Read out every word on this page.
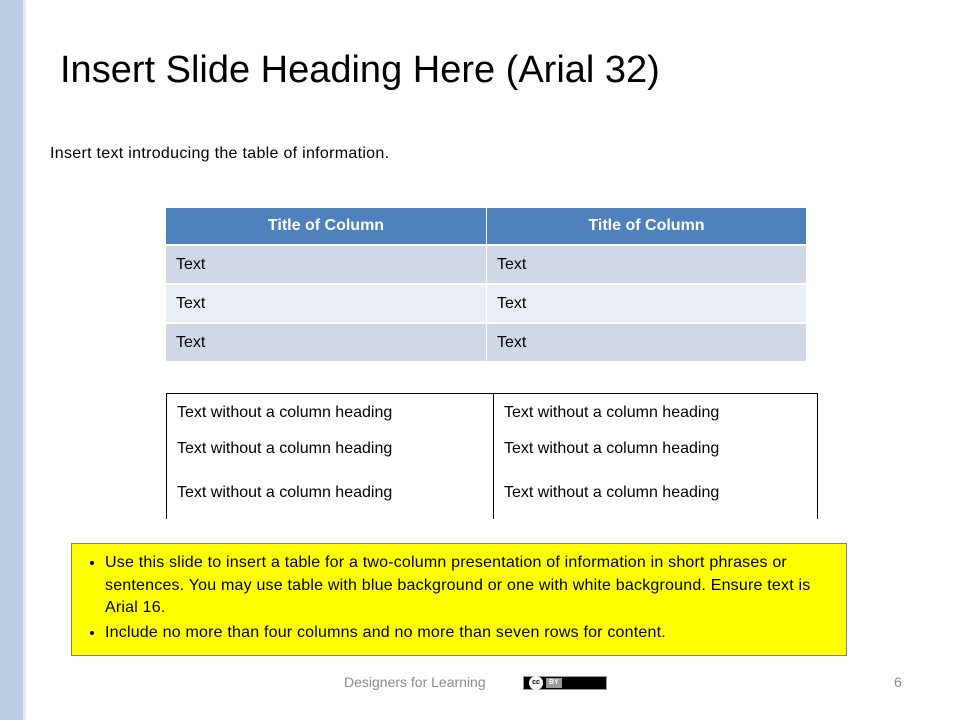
Insert Slide Heading Here (Arial 32)
Insert text introducing the table of information.
Title of Column	Title of Column
Text	Text
Text	Text
Text	Text
Text without a column heading	Text without a column heading
Text without a column heading	Text without a column heading
Text without a column heading	Text without a column heading
• Use this slide to insert a table for a two-column presentation of information in short phrases or sentences. You may use table with blue background or one with white background. Ensure text is Arial 16.
• Include no more than four columns and no more than seven rows for content.
Designers for Learning	cc	BY	6
